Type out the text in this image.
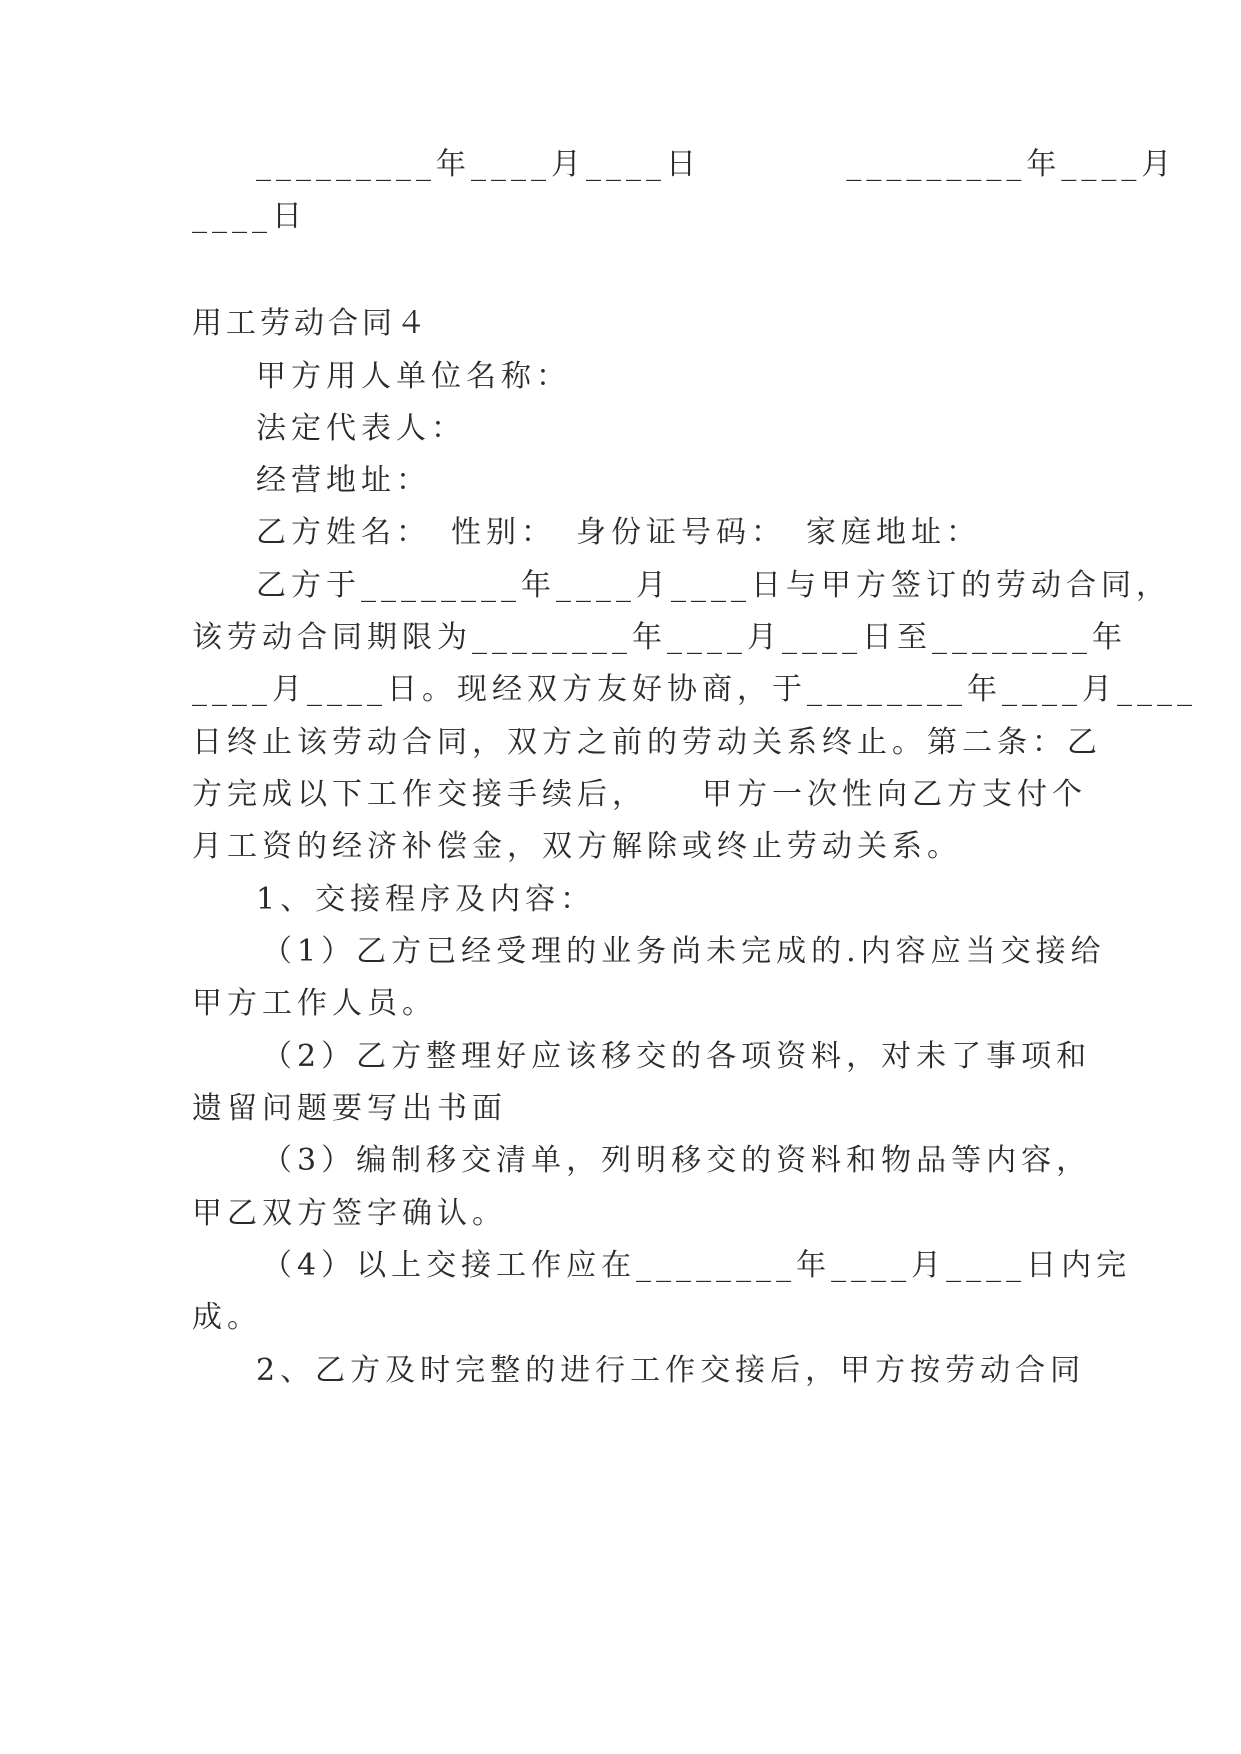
_________年____月____日          _________年____月
____日
用工劳动合同４
甲方用人单位名称：
法定代表人：
经营地址：
乙方姓名：　性别：　身份证号码：　家庭地址：
乙方于________年____月____日与甲方签订的劳动合同，
该劳动合同期限为________年____月____日至________年
____月____日。现经双方友好协商，于________年____月____
日终止该劳动合同，双方之前的劳动关系终止。第二条：乙
方完成以下工作交接手续后，　　甲方一次性向乙方支付个
月工资的经济补偿金，双方解除或终止劳动关系。
1、交接程序及内容：
（1）乙方已经受理的业务尚未完成的.内容应当交接给
甲方工作人员。
（2）乙方整理好应该移交的各项资料，对未了事项和
遗留问题要写出书面
（3）编制移交清单，列明移交的资料和物品等内容，
甲乙双方签字确认。
（4）以上交接工作应在________年____月____日内完
成。
2、乙方及时完整的进行工作交接后，甲方按劳动合同
